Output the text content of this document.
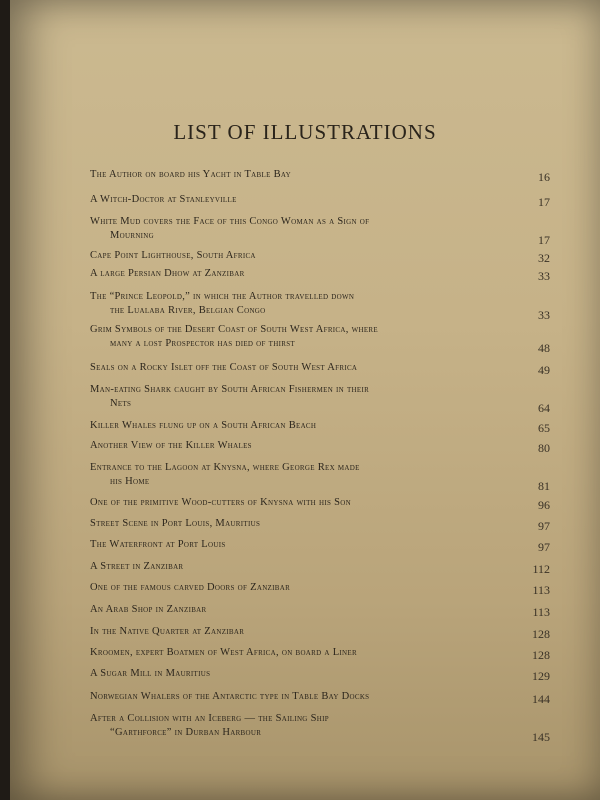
LIST OF ILLUSTRATIONS
The Author on board his Yacht in Table Bay	16
A Witch-Doctor at Stanleyville	17
White Mud covers the Face of this Congo Woman as a Sign of
Mourning	17
Cape Point Lighthouse, South Africa	32
A large Persian Dhow at Zanzibar	33
The “Prince Leopold,” in which the Author travelled down
the Lualaba River, Belgian Congo	33
Grim Symbols of the Desert Coast of South West Africa, where
many a lost Prospector has died of thirst	48
Seals on a Rocky Islet off the Coast of South West Africa	49
Man-eating Shark caught by South African Fishermen in their
Nets	64
Killer Whales flung up on a South African Beach	65
Another View of the Killer Whales	80
Entrance to the Lagoon at Knysna, where George Rex made
his Home	81
One of the primitive Wood-cutters of Knysna with his Son	96
Street Scene in Port Louis, Mauritius	97
The Waterfront at Port Louis	97
A Street in Zanzibar	112
One of the famous carved Doors of Zanzibar	113
An Arab Shop in Zanzibar	113
In the Native Quarter at Zanzibar	128
Kroomen, expert Boatmen of West Africa, on board a Liner	128
A Sugar Mill in Mauritius	129
Norwegian Whalers of the Antarctic type in Table Bay Docks	144
After a Collision with an Iceberg — the Sailing Ship
“Garthforce” in Durban Harbour	145
